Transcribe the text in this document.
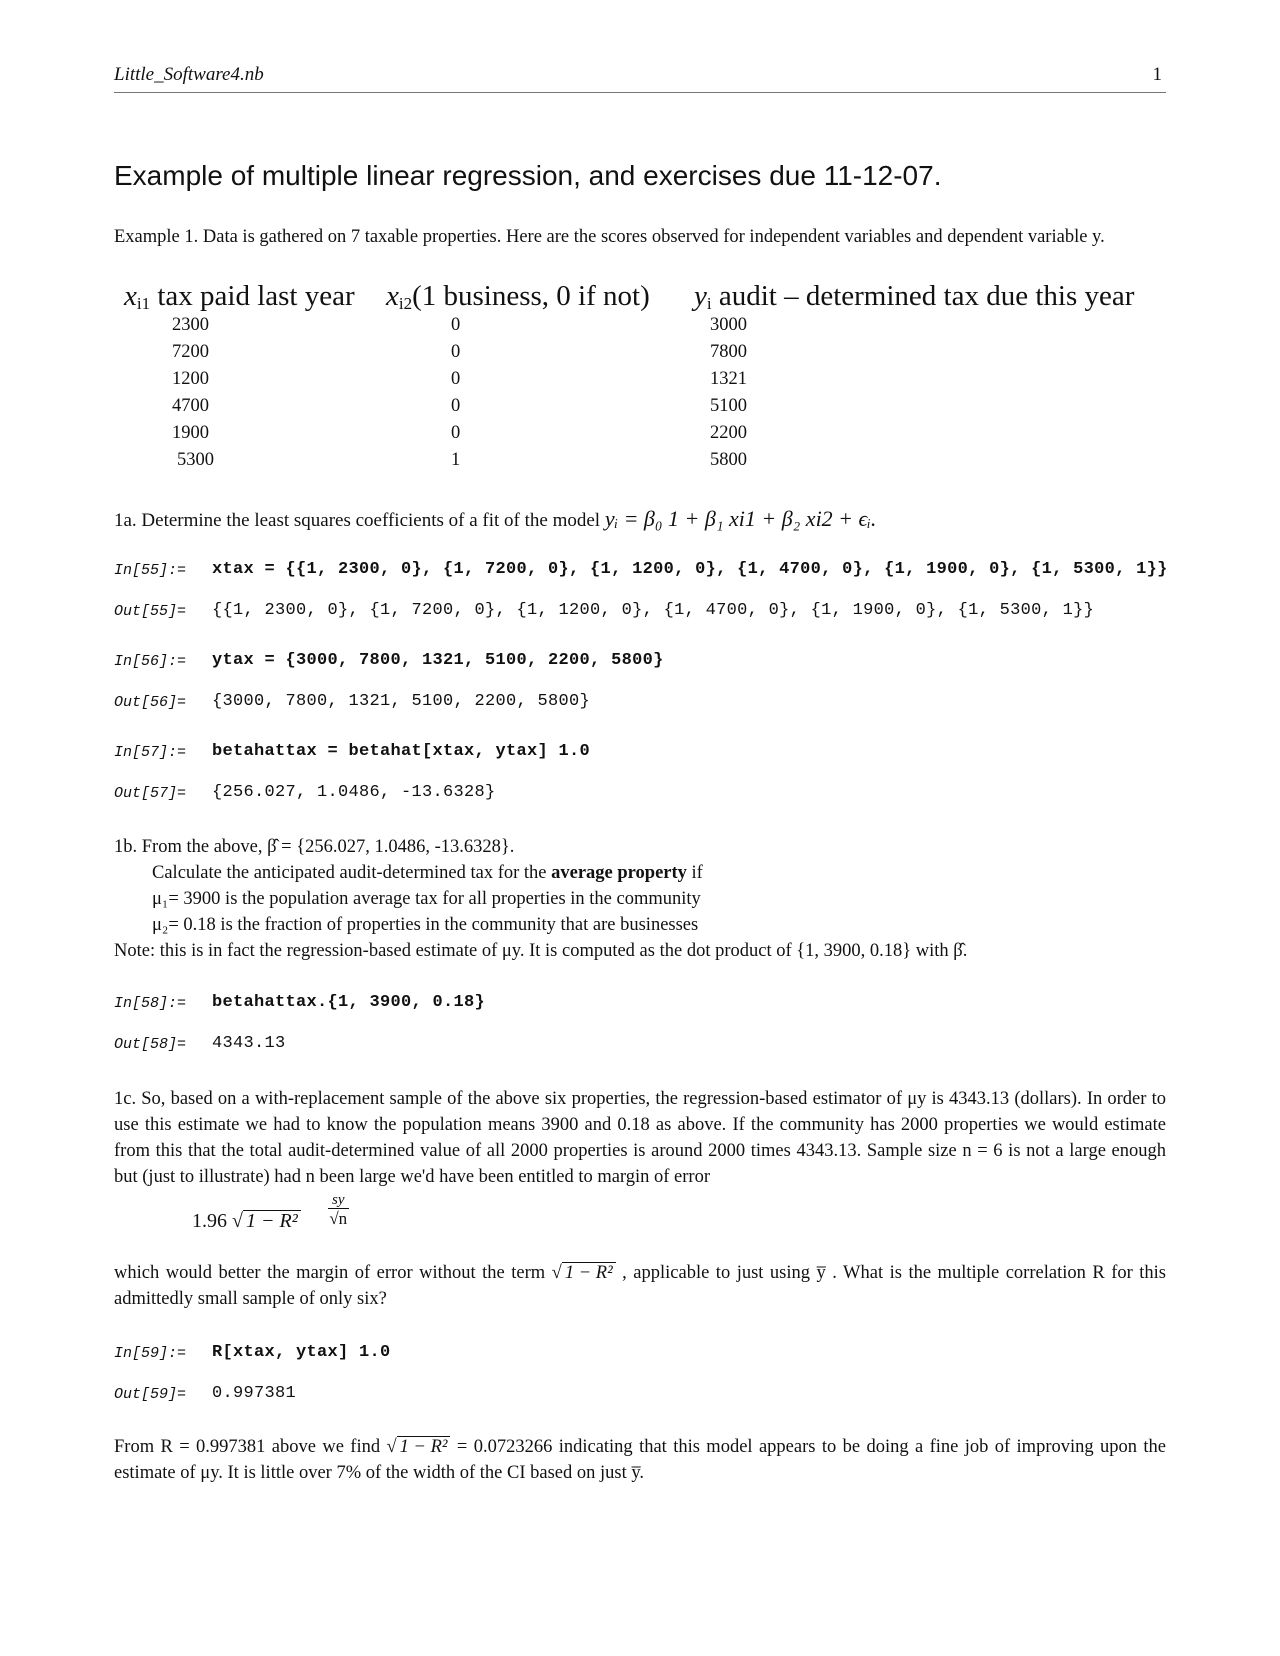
Little_Software4.nb	1
Example of multiple linear regression, and exercises due 11-12-07.
Example 1. Data is gathered on 7 taxable properties. Here are the scores observed for independent variables and dependent variable y.
$x_{i1}$ tax paid last year $x_{i2}(1$ business, 0 if not) $y_i$ audit – determined tax due this year
2300
7200
1200
4700
1900
5300
0
0
0
0
0
1
3000
7800
1321
5100
2200
5800
1a. Determine the least squares coefficients of a fit of the model yᵢ = β₀ 1 + β₁ xi1 + β₂ xi2 + ϵᵢ.
In[55]:= xtax = {{1, 2300, 0}, {1, 7200, 0}, {1, 1200, 0}, {1, 4700, 0}, {1, 1900, 0}, {1, 5300, 1}}
Out[55]= {{1, 2300, 0}, {1, 7200, 0}, {1, 1200, 0}, {1, 4700, 0}, {1, 1900, 0}, {1, 5300, 1}}
In[56]:= ytax = {3000, 7800, 1321, 5100, 2200, 5800}
Out[56]= {3000, 7800, 1321, 5100, 2200, 5800}
In[57]:= betahattax = betahat[xtax, ytax] 1.0
Out[57]= {256.027, 1.0486, -13.6328}
1b. From the above, β̂ = {256.027, 1.0486, -13.6328}.
Calculate the anticipated audit-determined tax for the average property if
μ₁= 3900 is the population average tax for all properties in the community
μ₂= 0.18 is the fraction of properties in the community that are businesses
Note: this is in fact the regression-based estimate of μy. It is computed as the dot product of {1, 3900, 0.18} with β̂.
In[58]:= betahattax.{1, 3900, 0.18}
Out[58]= 4343.13
1c. So, based on a with-replacement sample of the above six properties, the regression-based estimator of μy is 4343.13 (dollars). In order to use this estimate we had to know the population means 3900 and 0.18 as above. If the community has 2000 properties we would estimate from this that the total audit-determined value of all 2000 properties is around 2000 times 4343.13. Sample size n = 6 is not a large enough but (just to illustrate) had n been large we'd have been entitled to margin of error
1.96 √ $1 - R^2 \frac{sy}{√n}$
which would better the margin of error without the term √ 1 − R² , applicable to just using y̅ . What is the multiple correlation R for this admittedly small sample of only six?
In[59]:= R[xtax, ytax] 1.0
Out[59]= 0.997381
From R = 0.997381 above we find √ 1 − R² = 0.0723266 indicating that this model appears to be doing a fine job of improving upon the estimate of μy. It is little over 7% of the width of the CI based on just y̅.
